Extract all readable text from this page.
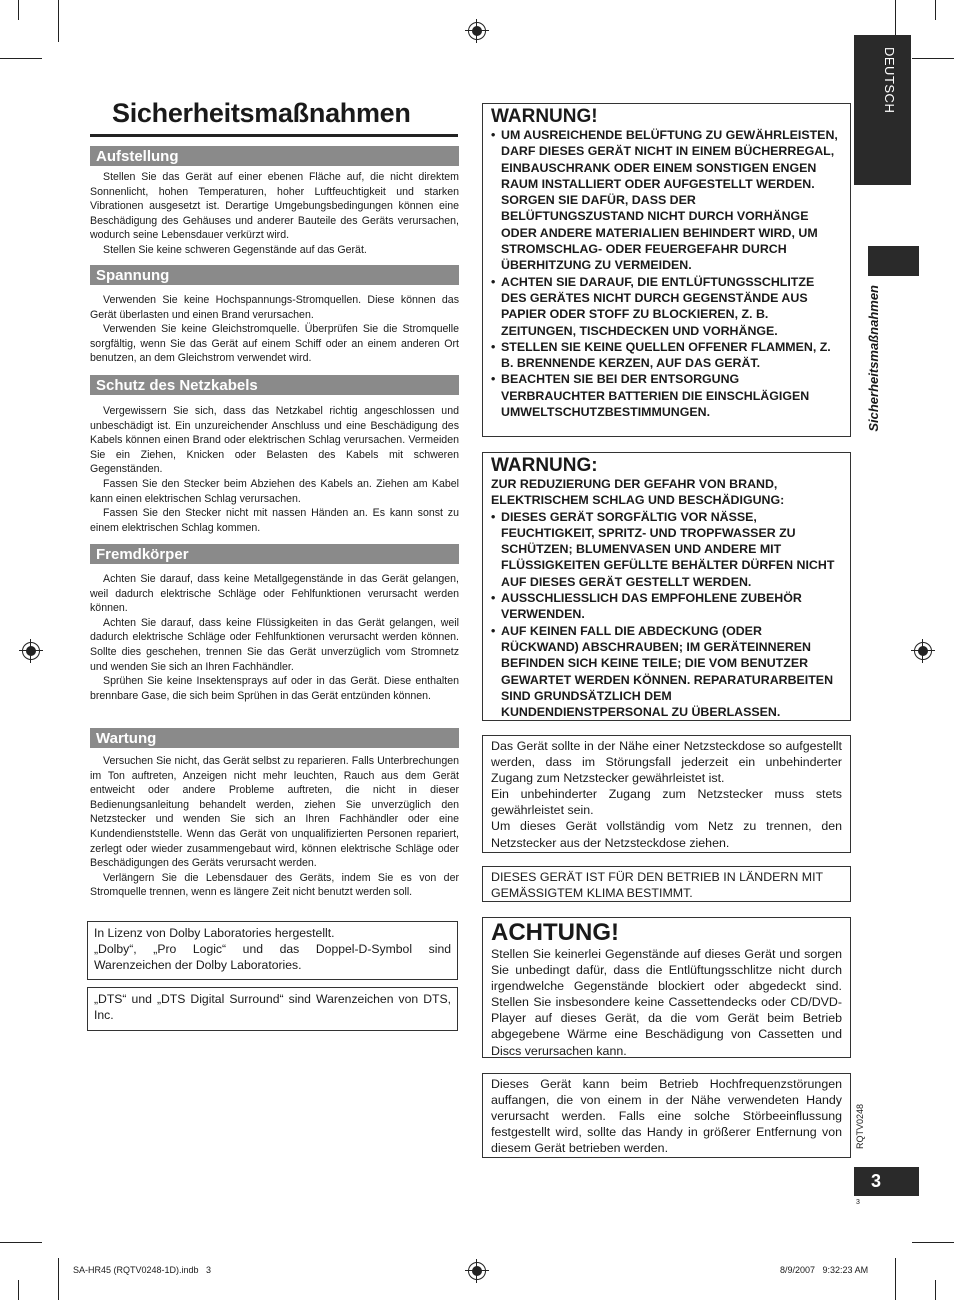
Sicherheitsmaßnahmen
Aufstellung

Stellen Sie das Gerät auf einer ebenen Fläche auf, die nicht direktem Sonnenlicht, hohen Temperaturen, hoher Luftfeuchtigkeit und starken Vibrationen ausgesetzt ist. Derartige Umgebungsbedingungen können eine Beschädigung des Gehäuses und anderer Bauteile des Geräts verursachen, wodurch seine Lebensdauer verkürzt wird.

Stellen Sie keine schweren Gegenstände auf das Gerät.

Spannung

Verwenden Sie keine Hochspannungs-Stromquellen. Diese können das Gerät überlasten und einen Brand verursachen.

Verwenden Sie keine Gleichstromquelle. Überprüfen Sie die Stromquelle sorgfältig, wenn Sie das Gerät auf einem Schiff oder an einem anderen Ort benutzen, an dem Gleichstrom verwendet wird.

Schutz des Netzkabels

Vergewissern Sie sich, dass das Netzkabel richtig angeschlossen und unbeschädigt ist. Ein unzureichender Anschluss und eine Beschädigung des Kabels können einen Brand oder elektrischen Schlag verursachen. Vermeiden Sie ein Ziehen, Knicken oder Belasten des Kabels mit schweren Gegenständen.

Fassen Sie den Stecker beim Abziehen des Kabels an. Ziehen am Kabel kann einen elektrischen Schlag verursachen.

Fassen Sie den Stecker nicht mit nassen Händen an. Es kann sonst zu einem elektrischen Schlag kommen.

Fremdkörper

Achten Sie darauf, dass keine Metallgegenstände in das Gerät gelangen, weil dadurch elektrische Schläge oder Fehlfunktionen verursacht werden können.

Achten Sie darauf, dass keine Flüssigkeiten in das Gerät gelangen, weil dadurch elektrische Schläge oder Fehlfunktionen verursacht werden können. Sollte dies geschehen, trennen Sie das Gerät unverzüglich vom Stromnetz und wenden Sie sich an Ihren Fachhändler.

Sprühen Sie keine Insektensprays auf oder in das Gerät. Diese enthalten brennbare Gase, die sich beim Sprühen in das Gerät entzünden können.

Wartung

Versuchen Sie nicht, das Gerät selbst zu reparieren. Falls Unterbrechungen im Ton auftreten, Anzeigen nicht mehr leuchten, Rauch aus dem Gerät entweicht oder andere Probleme auftreten, die nicht in dieser Bedienungsanleitung behandelt werden, ziehen Sie unverzüglich den Netzstecker und wenden Sie sich an Ihren Fachhändler oder eine Kundendienststelle. Wenn das Gerät von unqualifizierten Personen repariert, zerlegt oder wieder zusammengebaut wird, können elektrische Schläge oder Beschädigungen des Geräts verursacht werden.

Verlängern Sie die Lebensdauer des Geräts, indem Sie es von der Stromquelle trennen, wenn es längere Zeit nicht benutzt werden soll.

In Lizenz von Dolby Laboratories hergestellt.

„Dolby“, „Pro Logic“ und das Doppel-D-Symbol sind Warenzeichen der Dolby Laboratories.

„DTS“ und „DTS Digital Surround“ sind Warenzeichen von DTS, Inc.

WARNUNG!
• UM AUSREICHENDE BELÜFTUNG ZU GEWÄHRLEISTEN, DARF DIESES GERÄT NICHT IN EINEM BÜCHERREGAL, EINBAUSCHRANK ODER EINEM SONSTIGEN ENGEN RAUM INSTALLIERT ODER AUFGESTELLT WERDEN. SORGEN SIE DAFÜR, DASS DER BELÜFTUNGSZUSTAND NICHT DURCH VORHÄNGE ODER ANDERE MATERIALIEN BEHINDERT WIRD, UM STROMSCHLAG- ODER FEUERGEFAHR DURCH ÜBERHITZUNG ZU VERMEIDEN.
• ACHTEN SIE DARAUF, DIE ENTLÜFTUNGSSCHLITZE DES GERÄTES NICHT DURCH GEGENSTÄNDE AUS PAPIER ODER STOFF ZU BLOCKIEREN, Z. B. ZEITUNGEN, TISCHDECKEN UND VORHÄNGE.
• STELLEN SIE KEINE QUELLEN OFFENER FLAMMEN, Z. B. BRENNENDE KERZEN, AUF DAS GERÄT.
• BEACHTEN SIE BEI DER ENTSORGUNG VERBRAUCHTER BATTERIEN DIE EINSCHLÄGIGEN UMWELTSCHUTZBESTIMMUNGEN.
WARNUNG:

ZUR REDUZIERUNG DER GEFAHR VON BRAND, ELEKTRISCHEM SCHLAG UND BESCHÄDIGUNG:

• DIESES GERÄT SORGFÄLTIG VOR NÄSSE, FEUCHTIGKEIT, SPRITZ- UND TROPFWASSER ZU SCHÜTZEN; BLUMENVASEN UND ANDERE MIT FLÜSSIGKEITEN GEFÜLLTE BEHÄLTER DÜRFEN NICHT AUF DIESES GERÄT GESTELLT WERDEN.
• AUSSCHLIESSLICH DAS EMPFOHLENE ZUBEHÖR VERWENDEN.
• AUF KEINEN FALL DIE ABDECKUNG (ODER RÜCKWAND) ABSCHRAUBEN; IM GERÄTEINNEREN BEFINDEN SICH KEINE TEILE; DIE VOM BENUTZER GEWARTET WERDEN KÖNNEN. REPARATURARBEITEN SIND GRUNDSÄTZLICH DEM KUNDENDIENSTPERSONAL ZU ÜBERLASSEN.

Das Gerät sollte in der Nähe einer Netzsteckdose so aufgestellt werden, dass im Störungsfall jederzeit ein unbehinderter Zugang zum Netzstecker gewährleistet ist.

Ein unbehinderter Zugang zum Netzstecker muss stets gewährleistet sein.

Um dieses Gerät vollständig vom Netz zu trennen, den Netzstecker aus der Netzsteckdose ziehen.

DIESES GERÄT IST FÜR DEN BETRIEB IN LÄNDERN MIT GEMÄSSIGTEM KLIMA BESTIMMT.

ACHTUNG!

Stellen Sie keinerlei Gegenstände auf dieses Gerät und sorgen Sie unbedingt dafür, dass die Entlüftungsschlitze nicht durch irgendwelche Gegenstände blockiert oder abgedeckt sind. Stellen Sie insbesondere keine Cassettendecks oder CD/DVD-Player auf dieses Gerät, da die vom Gerät beim Betrieb abgegebene Wärme eine Beschädigung von Cassetten und Discs verursachen kann.

Dieses Gerät kann beim Betrieb Hochfrequenzstörungen auffangen, die von einem in der Nähe verwendeten Handy verursacht werden. Falls eine solche Störbeeinflussung festgestellt wird, sollte das Handy in größerer Entfernung von diesem Gerät betrieben werden.

DEUTSCH
Sicherheitsmaßnahmen
RQTV0248
3
3
SA-HR45 (RQTV0248-1D).indb   3	8/9/2007   9:32:23 AM
